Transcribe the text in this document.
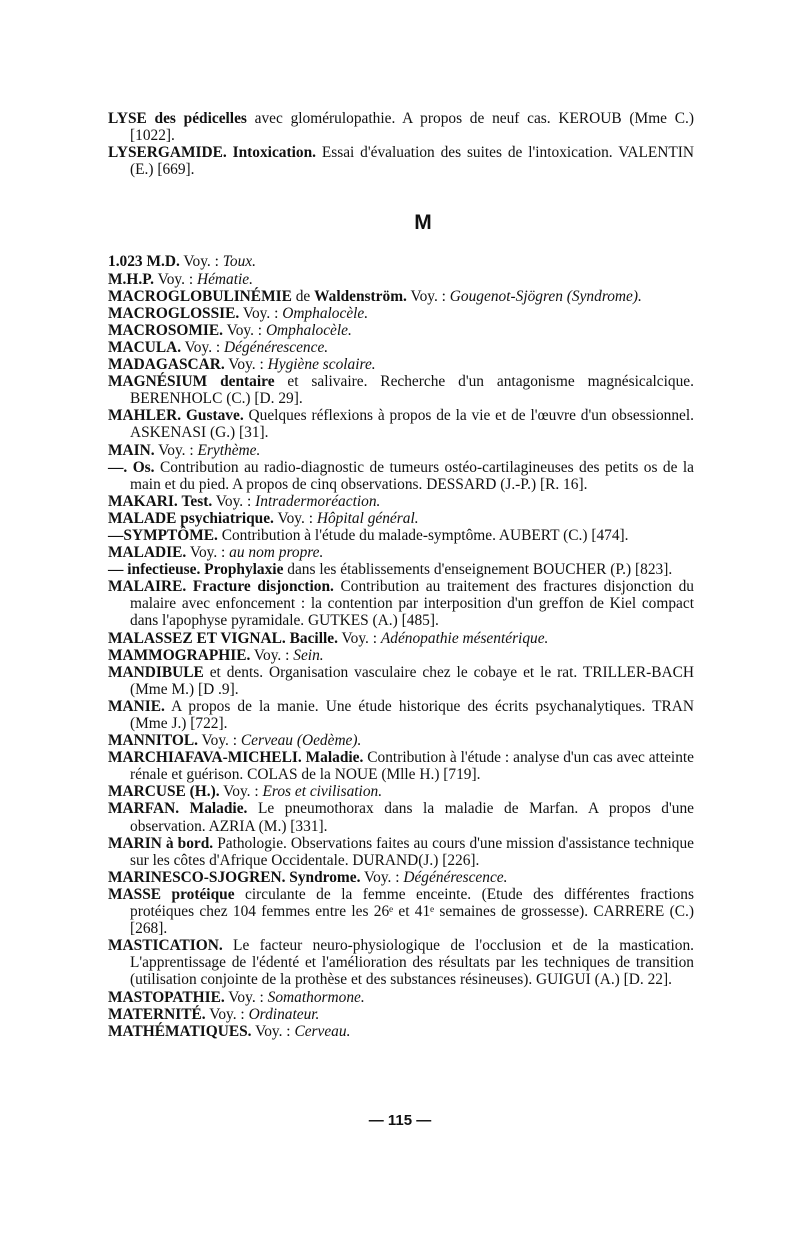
LYSE des pédicelles avec glomérulopathie. A propos de neuf cas. KEROUB (Mme C.) [1022].
LYSERGAMIDE. Intoxication. Essai d'évaluation des suites de l'intoxication. VALENTIN (E.) [669].
M
1.023 M.D. Voy. : Toux.
M.H.P. Voy. : Hématie.
MACROGLOBULINÉMIE de Waldenström. Voy. : Gougenot-Sjögren (Syndrome).
MACROGLOSSIE. Voy. : Omphalocèle.
MACROSOMIE. Voy. : Omphalocèle.
MACULA. Voy. : Dégénérescence.
MADAGASCAR. Voy. : Hygiène scolaire.
MAGNÉSIUM dentaire et salivaire. Recherche d'un antagonisme magnésicalcique. BERENHOLC (C.) [D. 29].
MAHLER. Gustave. Quelques réflexions à propos de la vie et de l'œuvre d'un obsessionnel. ASKENASI (G.) [31].
MAIN. Voy. : Erythème.
—. Os. Contribution au radio-diagnostic de tumeurs ostéo-cartilagineuses des petits os de la main et du pied. A propos de cinq observations. DESSARD (J.-P.) [R. 16].
MAKARI. Test. Voy. : Intradermoréaction.
MALADE psychiatrique. Voy. : Hôpital général.
—SYMPTÔME. Contribution à l'étude du malade-symptôme. AUBERT (C.) [474].
MALADIE. Voy. : au nom propre.
— infectieuse. Prophylaxie dans les établissements d'enseignement BOUCHER (P.) [823].
MALAIRE. Fracture disjonction. Contribution au traitement des fractures disjonction du malaire avec enfoncement : la contention par interposition d'un greffon de Kiel compact dans l'apophyse pyramidale. GUTKES (A.) [485].
MALASSEZ ET VIGNAL. Bacille. Voy. : Adénopathie mésentérique.
MAMMOGRAPHIE. Voy. : Sein.
MANDIBULE et dents. Organisation vasculaire chez le cobaye et le rat. TRILLER-BACH (Mme M.) [D .9].
MANIE. A propos de la manie. Une étude historique des écrits psychanalytiques. TRAN (Mme J.) [722].
MANNITOL. Voy. : Cerveau (Oedème).
MARCHIAFAVA-MICHELI. Maladie. Contribution à l'étude : analyse d'un cas avec atteinte rénale et guérison. COLAS de la NOUE (Mlle H.) [719].
MARCUSE (H.). Voy. : Eros et civilisation.
MARFAN. Maladie. Le pneumothorax dans la maladie de Marfan. A propos d'une observation. AZRIA (M.) [331].
MARIN à bord. Pathologie. Observations faites au cours d'une mission d'assistance technique sur les côtes d'Afrique Occidentale. DURAND(J.) [226].
MARINESCO-SJOGREN. Syndrome. Voy. : Dégénérescence.
MASSE protéique circulante de la femme enceinte. (Etude des différentes fractions protéiques chez 104 femmes entre les 26ᵉ et 41ᵉ semaines de grossesse). CARRERE (C.) [268].
MASTICATION. Le facteur neuro-physiologique de l'occlusion et de la mastication. L'apprentissage de l'édenté et l'amélioration des résultats par les techniques de transition (utilisation conjointe de la prothèse et des substances résineuses). GUIGUI (A.) [D. 22].
MASTOPATHIE. Voy. : Somathormone.
MATERNITÉ. Voy. : Ordinateur.
MATHÉMATIQUES. Voy. : Cerveau.
— 115 —
